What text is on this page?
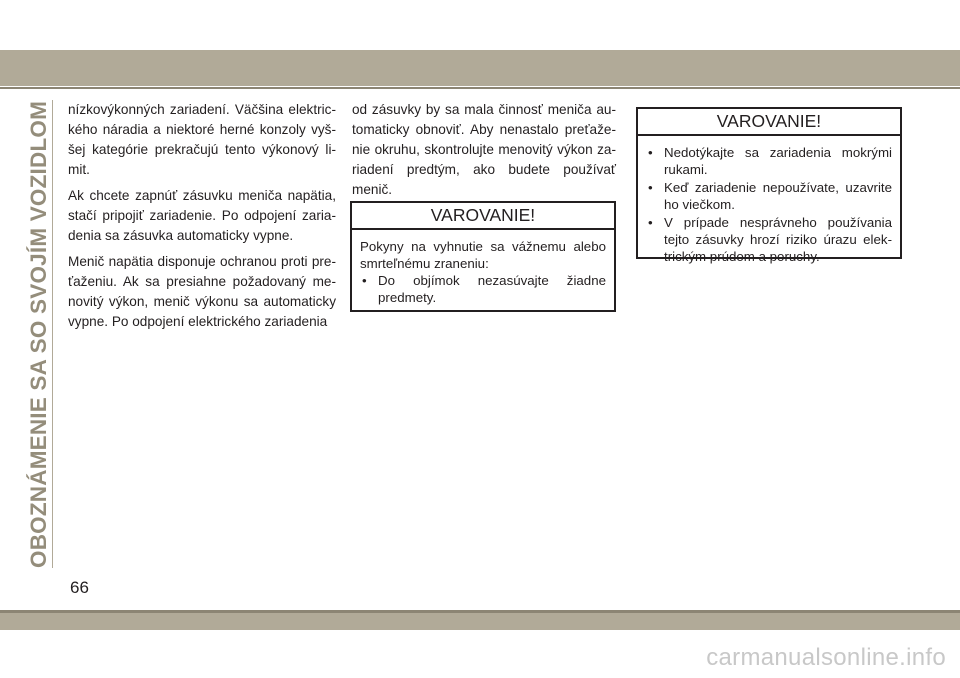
OBOZNÁMENIE SA SO SVOJÍM VOZIDLOM nízkovýkonných zariadení. Väčšina elektrického náradia a niektoré herné konzoly vyššej kategórie prekračujú tento výkonový limit.

Ak chcete zapnúť zásuvku meniča napätia, stačí pripojiť zariadenie. Po odpojení zariadenia sa zásuvka automaticky vypne.

Menič napätia disponuje ochranou proti preťaženiu. Ak sa presiahne požadovaný menovitý výkon, menič výkonu sa automaticky vypne. Po odpojení elektrického zariadenia

od zásuvky by sa mala činnosť meniča automaticky obnoviť. Aby nenastalo preťaženie okruhu, skontrolujte menovitý výkon zariadení predtým, ako budete používať menič.

VAROVANIE!

Pokyny na vyhnutie sa vážnemu alebo smrteľnému zraneniu:

• Do objímok nezasúvajte žiadne predmety.
VAROVANIE!
• Nedotýkajte sa zariadenia mokrými rukami.
• Keď zariadenie nepoužívate, uzavrite ho viečkom.
• V prípade nesprávneho používania tejto zásuvky hrozí riziko úrazu elektrickým prúdom a poruchy.
66
carmanualsonline.info
